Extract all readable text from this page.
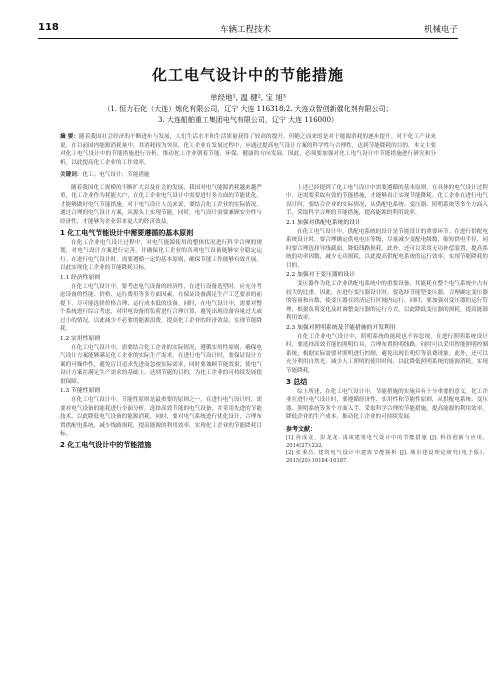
118	车辆工程技术	机械电子
化工电气设计中的节能措施
单经地¹, 温 健², 宝 旭³
（1. 恒力石化（大连）炼化有限公司，辽宁 大连 116318;2. 大连众智创新催化剂有限公司；
3. 大连船舶重工集团电气有限公司，辽宁 大连 116000）
摘 要：随着我国社会经济的不断进步与发展，人们生活水平和生活质量获得了较高的提升，但随之而来的是对于能源消耗的逐步提升。对于化工产业来说，在目前国内能源消耗量中，其消耗较为突出，化工企业在发展过程中，应通过提高电气设计方案的科学性与合理性，达到节能降耗的目的。本文主要对化工电气设计中的节能措施进行分析，推动化工企业朝着节能、环保、健康的方向发展。因此，必须要加强对化工电气设计中节能措施进行研究和分析，以此提高化工企业的工作效率。
关键词：化工；电气设计；节能措施

随着我国化工规模的不断扩大以及社会的发展，我国对电气能源消耗越来越严重，化工企业作为耗能大户，在化工企业电气设计中需要进行多方面的节能优化，才能够做好电气节能措施。对于电气设计人员来说，要结合化工企业的实际情况，通过合理的电气设计方案，从源头上实现节能。同时，电气设计需要兼顾安全性与经济性，才能够为企业带来更大的经济效益。

1 化工电气节能设计中需要遵循的基本原则

在化工企业电气设计过程中，对电气能源使用的整体状况进行科学合理的规划，对电气设计方案进行完善，并确保化工企业的各项电气设备能够安全稳定运行。在进行电气设计时，需要遵循一定的基本原则，确保节能工作能够有效开展，以此实现化工企业的节能降耗目标。

1.1 经济性原则

在化工电气设计中，要考虑电气设备的经济性，在进行设备选型时，应充分考虑设备的性能、价格、运行费用等多方面因素，在保证设备满足生产工艺要求的前提下，尽可能选择价格合理、运行成本低的设备。同时，在电气设计中，需要对整个系统进行综合考虑，对用电设备的负荷进行合理计算，避免出现设备容量过大或过小的情况，以此减少不必要的能源浪费，提高化工企业的经济效益，实现节能降耗。

1.2 实用性原则

在化工电气设计中，需要结合化工企业的实际情况，遵循实用性原则，确保电气设计方案能够满足化工企业的实际生产需求。在进行电气设计时，要保证设计方案的可操作性，避免盲目追求先进而忽视实际需求，同时要兼顾节能效果，使电气设计方案在满足生产需求的基础上，达到节能的目的，为化工企业的可持续发展提供保障。

1.3 节能性原则

在化工电气设计中，节能性原则是最重要的原则之一，在进行电气设计时，需要对电气设备的能耗进行全面分析，选择高效节能的电气设备，并采用先进的节能技术，以此降低电气设备的能源消耗。同时，要对电气系统进行优化设计，合理布置供配电系统，减少线路损耗，提高能源的利用效率，实现化工企业的节能降耗目标。

2 化工电气设计中的节能措施

上述已经提到了化工电气设计中需要遵循的基本原则，在具体的电气设计过程中，还需要采取有效的节能措施，才能够真正实现节能降耗。化工企业在进行电气设计时，要结合企业的实际情况，从供配电系统、变压器、照明系统等多个方面入手，采取科学合理的节能措施，提高能源的利用效率。

2.1 加强对供配电系统的设计

在化工电气设计中，供配电系统的设计是节能设计的重要环节。在进行供配电系统设计时，要合理确定供电电压等级，尽量减少变配电级数，缩短供电半径，同时要合理选择导线截面，降低线路损耗。此外，还可以采用无功补偿装置，提高系统的功率因数，减少无功损耗，以此提高供配电系统的运行效率，实现节能降耗的目的。

2.2 加强对于变压器的设计

变压器作为化工企业供配电系统中的重要设备，其能耗在整个电气系统中占有较大的比重。因此，在进行变压器设计时，要选择节能型变压器，合理确定变压器的容量和台数，使变压器在经济运行区域内运行。同时，要加强对变压器的运行管理，根据负荷变化及时调整变压器的运行方式，以此降低变压器的损耗，提高能源利用效率。

2.3 加强对照明系统及节能措施的开发利用

在化工企业电气设计中，照明系统的能耗也不容忽视。在进行照明系统设计时，要选择高效节能的照明灯具，合理布置照明线路，同时可以采用智能照明控制系统，根据实际需要对照明进行控制，避免出现长明灯等浪费现象。此外，还可以充分利用自然光，减少人工照明的使用时间，以此降低照明系统的能源消耗，实现节能降耗。

3 总结

综上所述，在化工电气设计中，节能措施的实施具有十分重要的意义。化工企业在进行电气设计时，要遵循经济性、实用性和节能性原则，从供配电系统、变压器、照明系统等多个方面入手，采取科学合理的节能措施，提高能源的利用效率，降低企业的生产成本，推动化工企业的可持续发展。

参考文献：

[1] 孙成龙，彭龙龙. 浅谈建筑电气设计中的节能措施 [J]. 科技创新与应用，2014(27):232.

[2] 张秉昌. 建筑电气设计中建筑节能探析 [J]. 城市建设理论研究(电子版)，2015(20):10184-10187.
